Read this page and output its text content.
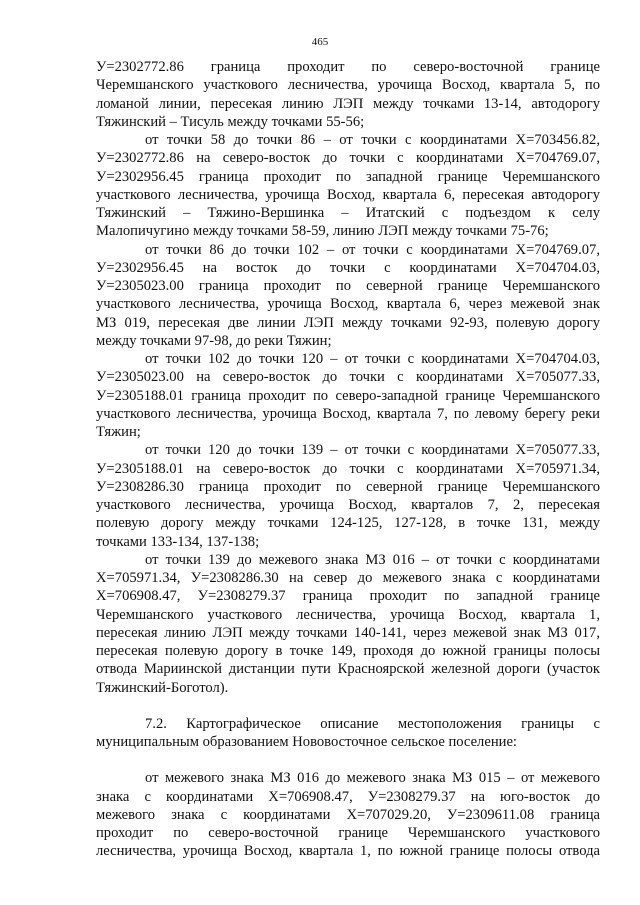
465
У=2302772.86 граница проходит по северо-восточной границе
Черемшанского участкового лесничества, урочища Восход, квартала 5, по
ломаной линии, пересекая линию ЛЭП между точками 13-14, автодорогу
Тяжинский – Тисуль между точками 55-56;
от точки 58 до точки 86 – от точки с координатами Х=703456.82,
У=2302772.86 на северо-восток до точки с координатами Х=704769.07,
У=2302956.45 граница проходит по западной границе Черемшанского
участкового лесничества, урочища Восход, квартала 6, пересекая автодорогу
Тяжинский – Тяжино-Вершинка – Итатский с подъездом к селу
Малопичугино между точками 58-59, линию ЛЭП между точками 75-76;
от точки 86 до точки 102 – от точки с координатами Х=704769.07,
У=2302956.45 на восток до точки с координатами Х=704704.03,
У=2305023.00 граница проходит по северной границе Черемшанского
участкового лесничества, урочища Восход, квартала 6, через межевой знак
МЗ 019, пересекая две линии ЛЭП между точками 92-93, полевую дорогу
между точками 97-98, до реки Тяжин;
от точки 102 до точки 120 – от точки с координатами Х=704704.03,
У=2305023.00 на северо-восток до точки с координатами Х=705077.33,
У=2305188.01 граница проходит по северо-западной границе Черемшанского
участкового лесничества, урочища Восход, квартала 7, по левому берегу реки
Тяжин;
от точки 120 до точки 139 – от точки с координатами Х=705077.33,
У=2305188.01 на северо-восток до точки с координатами Х=705971.34,
У=2308286.30 граница проходит по северной границе Черемшанского
участкового лесничества, урочища Восход, кварталов 7, 2, пересекая
полевую дорогу между точками 124-125, 127-128, в точке 131, между
точками 133-134, 137-138;
от точки 139 до межевого знака МЗ 016 – от точки с координатами
Х=705971.34, У=2308286.30 на север до межевого знака с координатами
Х=706908.47, У=2308279.37 граница проходит по западной границе
Черемшанского участкового лесничества, урочища Восход, квартала 1,
пересекая линию ЛЭП между точками 140-141, через межевой знак МЗ 017,
пересекая полевую дорогу в точке 149, проходя до южной границы полосы
отвода Мариинской дистанции пути Красноярской железной дороги (участок
Тяжинский-Боготол).
7.2. Картографическое описание местоположения границы с
муниципальным образованием Нововосточное сельское поселение:
от межевого знака МЗ 016 до межевого знака МЗ 015 – от межевого
знака с координатами Х=706908.47, У=2308279.37 на юго-восток до
межевого знака с координатами Х=707029.20, У=2309611.08 граница
проходит по северо-восточной границе Черемшанского участкового
лесничества, урочища Восход, квартала 1, по южной границе полосы отвода
